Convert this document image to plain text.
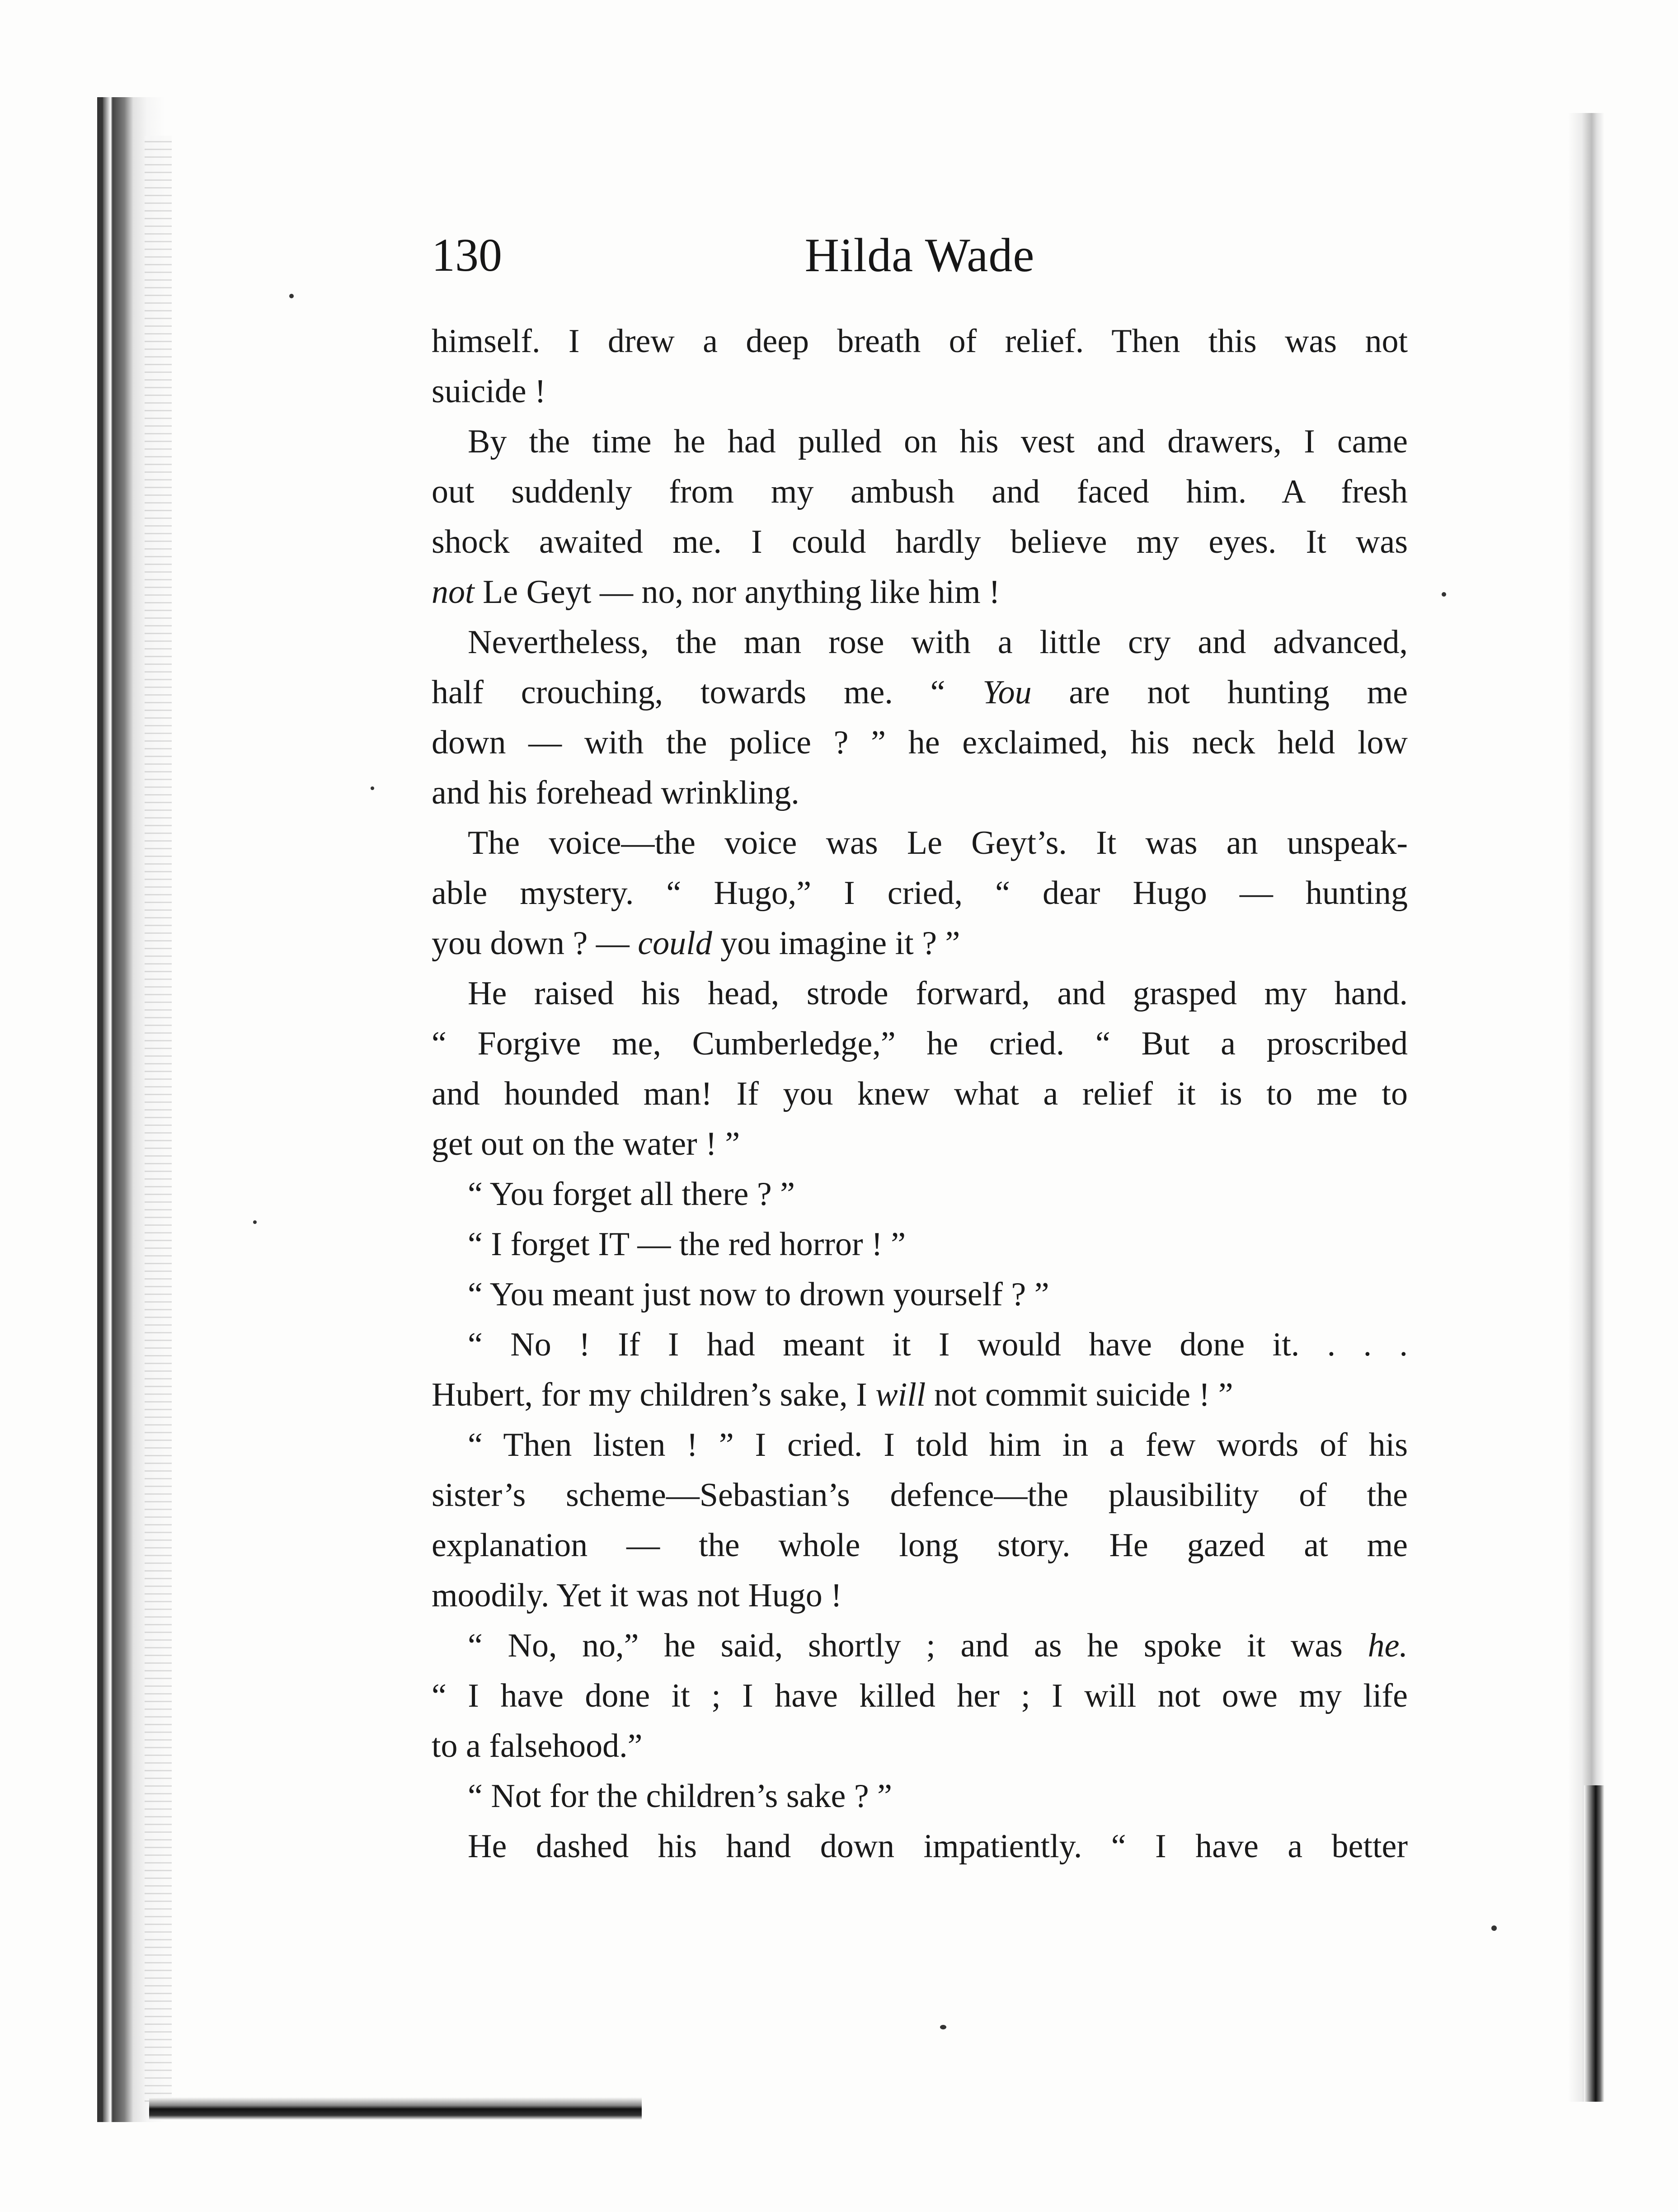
130	Hilda Wade
himself. I drew a deep breath of relief. Then this was not
suicide !
By the time he had pulled on his vest and drawers, I came
out suddenly from my ambush and faced him. A fresh
shock awaited me. I could hardly believe my eyes. It was
not Le Geyt — no, nor anything like him !
Nevertheless, the man rose with a little cry and advanced,
half crouching, towards me. “ You are not hunting me
down — with the police ? ” he exclaimed, his neck held low
and his forehead wrinkling.
The voice—the voice was Le Geyt’s. It was an unspeak-
able mystery. “ Hugo,” I cried, “ dear Hugo — hunting
you down ? — could you imagine it ? ”
He raised his head, strode forward, and grasped my hand.
“ Forgive me, Cumberledge,” he cried. “ But a proscribed
and hounded man! If you knew what a relief it is to me to
get out on the water ! ”
“ You forget all there ? ”
“ I forget IT — the red horror ! ”
“ You meant just now to drown yourself ? ”
“ No ! If I had meant it I would have done it. . . .
Hubert, for my children’s sake, I will not commit suicide ! ”
“ Then listen ! ” I cried. I told him in a few words of his
sister’s scheme—Sebastian’s defence—the plausibility of the
explanation — the whole long story. He gazed at me
moodily. Yet it was not Hugo !
“ No, no,” he said, shortly ; and as he spoke it was he.
“ I have done it ; I have killed her ; I will not owe my life
to a falsehood.”
“ Not for the children’s sake ? ”
He dashed his hand down impatiently. “ I have a better
